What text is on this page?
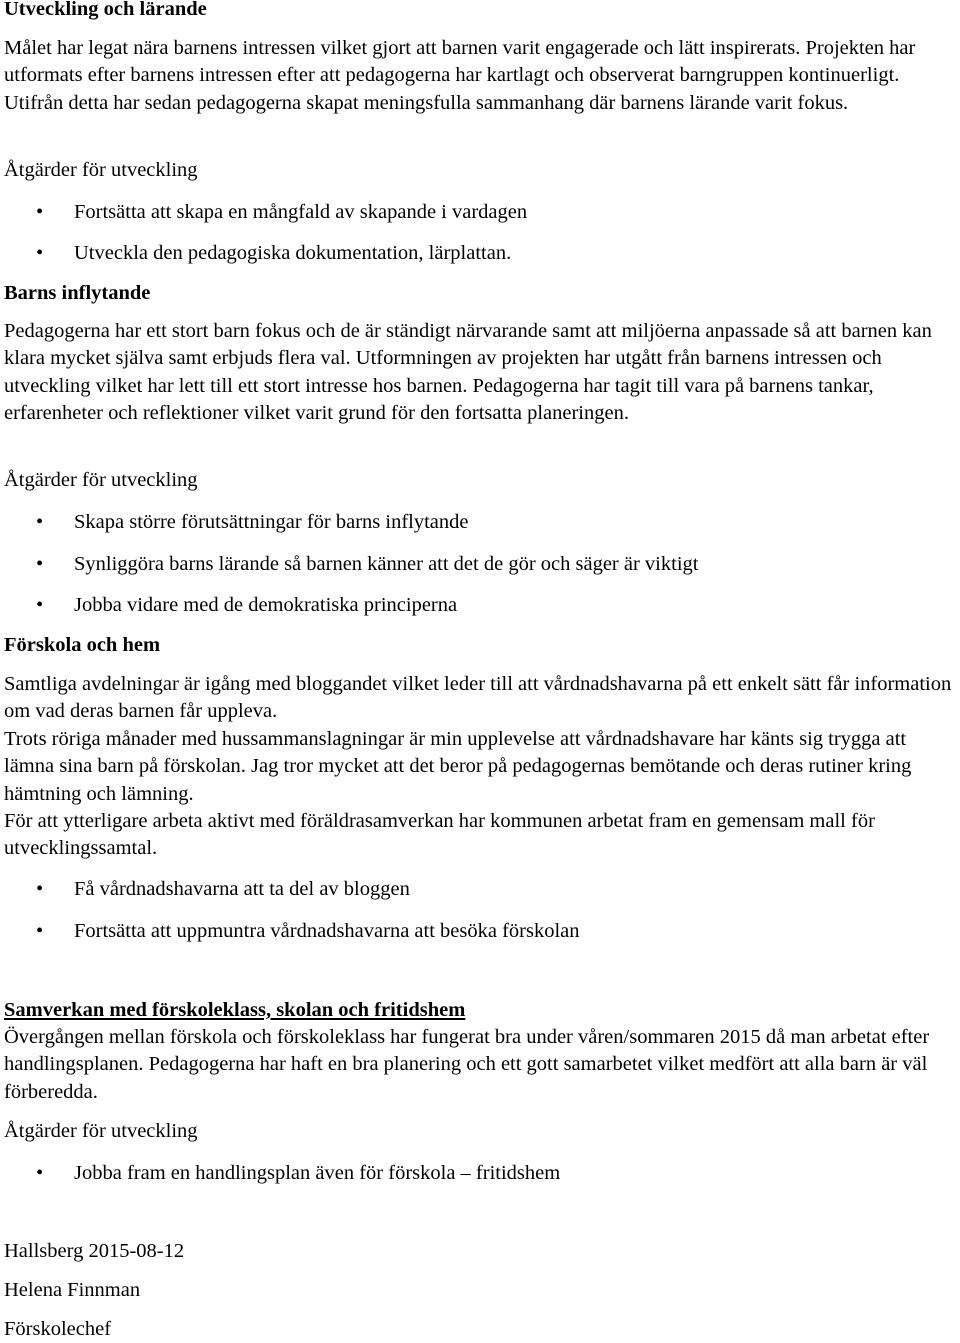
Utveckling och lärande

Målet har legat nära barnens intressen vilket gjort att barnen varit engagerade och lätt inspirerats. Projekten har utformats efter barnens intressen efter att pedagogerna har kartlagt och observerat barngruppen kontinuerligt. Utifrån detta har sedan pedagogerna skapat meningsfulla sammanhang där barnens lärande varit fokus.

Åtgärder för utveckling
• Fortsätta att skapa en mångfald av skapande i vardagen
• Utveckla den pedagogiska dokumentation, lärplattan.
Barns inflytande

Pedagogerna har ett stort barn fokus och de är ständigt närvarande samt att miljöerna anpassade så att barnen kan klara mycket själva samt erbjuds flera val. Utformningen av projekten har utgått från barnens intressen och utveckling vilket har lett till ett stort intresse hos barnen. Pedagogerna har tagit till vara på barnens tankar, erfarenheter och reflektioner vilket varit grund för den fortsatta planeringen.

Åtgärder för utveckling
• Skapa större förutsättningar för barns inflytande
• Synliggöra barns lärande så barnen känner att det de gör och säger är viktigt
• Jobba vidare med de demokratiska principerna
Förskola och hem

Samtliga avdelningar är igång med bloggandet vilket leder till att vårdnadshavarna på ett enkelt sätt får information om vad deras barnen får uppleva.

Trots röriga månader med hussammanslagningar är min upplevelse att vårdnadshavare har känts sig trygga att lämna sina barn på förskolan. Jag tror mycket att det beror på pedagogernas bemötande och deras rutiner kring hämtning och lämning.

För att ytterligare arbeta aktivt med föräldrasamverkan har kommunen arbetat fram en gemensam mall för utvecklingssamtal.

• Få vårdnadshavarna att ta del av bloggen
• Fortsätta att uppmuntra vårdnadshavarna att besöka förskolan
Samverkan med förskoleklass, skolan och fritidshem

Övergången mellan förskola och förskoleklass har fungerat bra under våren/sommaren 2015 då man arbetat efter handlingsplanen. Pedagogerna har haft en bra planering och ett gott samarbetet vilket medfört att alla barn är väl förberedda.

Åtgärder för utveckling
• Jobba fram en handlingsplan även för förskola – fritidshem
Hallsberg 2015-08-12
Helena Finnman
Förskolechef
